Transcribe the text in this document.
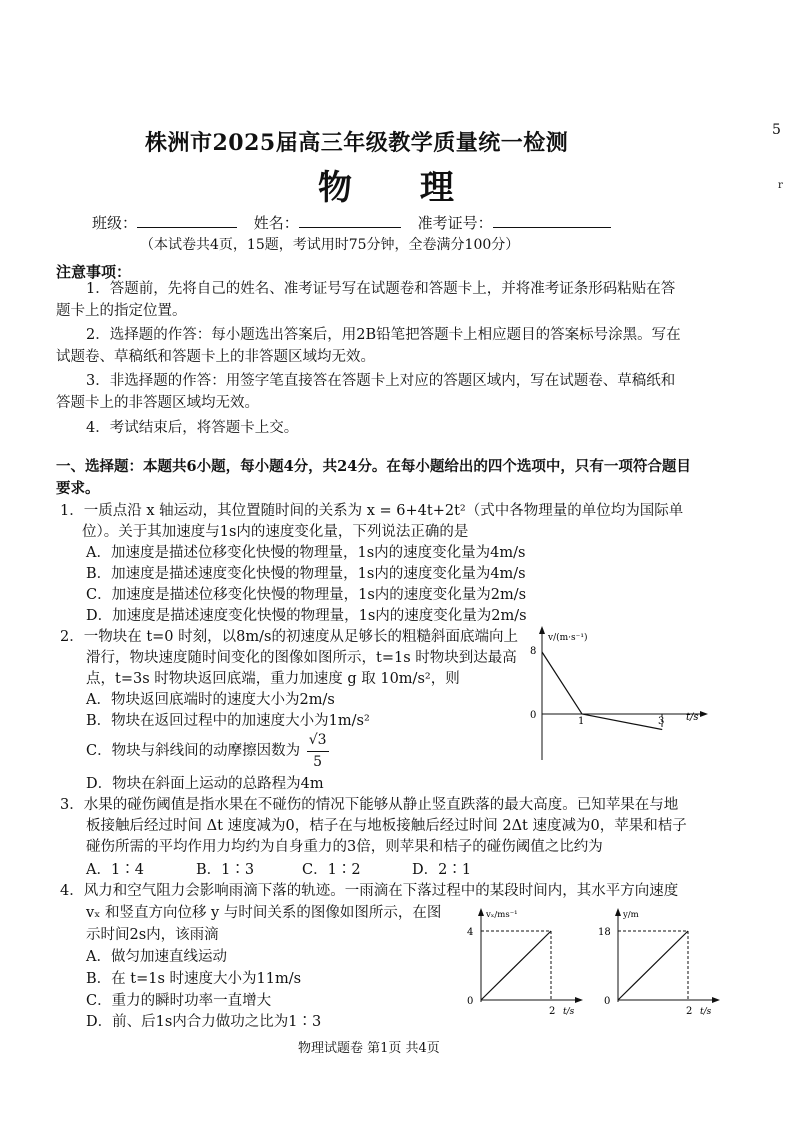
5
r
株洲市2025届高三年级教学质量统一检测
物 理
班级：	姓名：	准考证号：
（本试卷共4页，15题，考试用时75分钟，全卷满分100分）
注意事项：
1．答题前，先将自己的姓名、准考证号写在试题卷和答题卡上，并将准考证条形码粘贴在答题卡上的指定位置。
2．选择题的作答：每小题选出答案后，用2B铅笔把答题卡上相应题目的答案标号涂黑。写在试题卷、草稿纸和答题卡上的非答题区域均无效。
3．非选择题的作答：用签字笔直接答在答题卡上对应的答题区域内，写在试题卷、草稿纸和答题卡上的非答题区域均无效。
4．考试结束后，将答题卡上交。
一、选择题：本题共6小题，每小题4分，共24分。在每小题给出的四个选项中，只有一项符合题目要求。
1．一质点沿 x 轴运动，其位置随时间的关系为 x = 6+4t+2t²（式中各物理量的单位均为国际单
位）。关于其加速度与1s内的速度变化量，下列说法正确的是
A．加速度是描述位移变化快慢的物理量，1s内的速度变化量为4m/s
B．加速度是描述速度变化快慢的物理量，1s内的速度变化量为4m/s
C．加速度是描述位移变化快慢的物理量，1s内的速度变化量为2m/s
D．加速度是描述速度变化快慢的物理量，1s内的速度变化量为2m/s
2．一物块在 t=0 时刻，以8m/s的初速度从足够长的粗糙斜面底端向上
滑行，物块速度随时间变化的图像如图所示，t=1s 时物块到达最高
点，t=3s 时物块返回底端，重力加速度 g 取 10m/s²，则
A．物块返回底端时的速度大小为2m/s
B．物块在返回过程中的加速度大小为1m/s²
C．物块与斜线间的动摩擦因数为 $\frac{√3}{5}$
D．物块在斜面上运动的总路程为4m
v/(m·s⁻¹)
t/s
8
0
1	3
3．水果的碰伤阈值是指水果在不碰伤的情况下能够从静止竖直跌落的最大高度。已知苹果在与地
板接触后经过时间 Δt 速度减为0，桔子在与地板接触后经过时间 2Δt 速度减为0，苹果和桔子
碰伤所需的平均作用力均约为自身重力的3倍，则苹果和桔子的碰伤阈值之比约为
A．1∶4	B．1∶3	C．1∶2	D．2∶1
4．风力和空气阻力会影响雨滴下落的轨迹。一雨滴在下落过程中的某段时间内，其水平方向速度
vₓ 和竖直方向位移 y 与时间关系的图像如图所示，在图
示时间2s内，该雨滴
A．做匀加速直线运动
B．在 t=1s 时速度大小为11m/s
C．重力的瞬时功率一直增大
D．前、后1s内合力做功之比为1∶3
vₓ/ms⁻¹
t/s
4
0
2
y/m
t/s
18
0
2
物理试题卷 第1页 共4页
